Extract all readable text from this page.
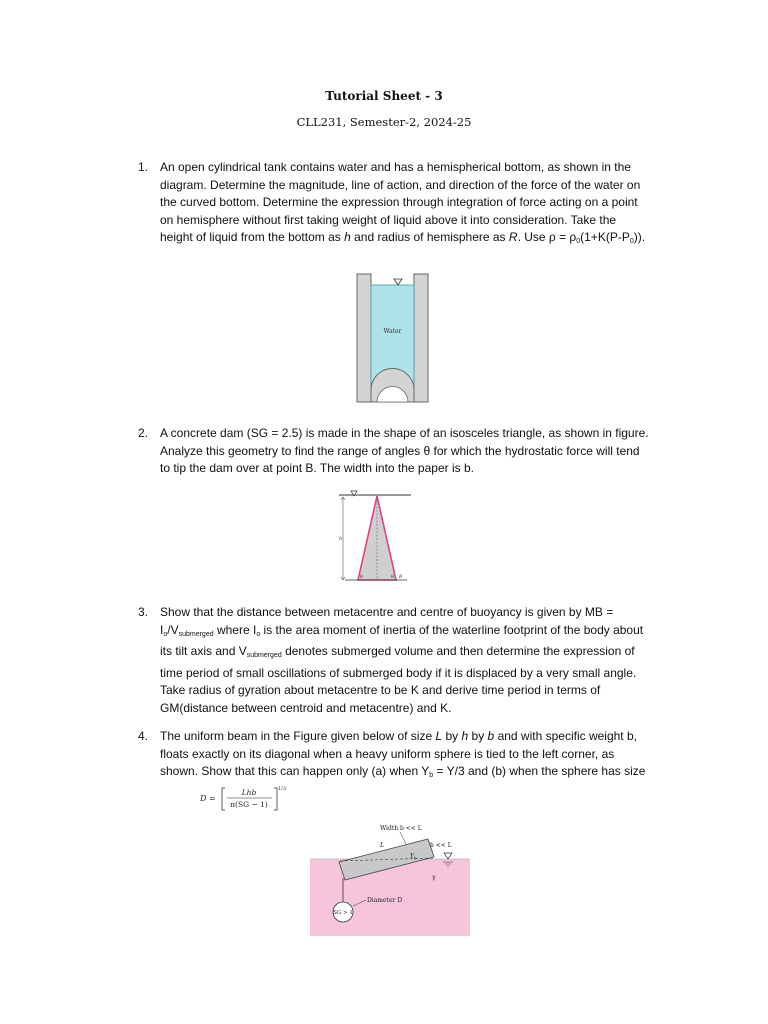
Tutorial Sheet - 3
CLL231, Semester-2, 2024-25
1. An open cylindrical tank contains water and has a hemispherical bottom, as shown in the diagram. Determine the magnitude, line of action, and direction of the force of the water on the curved bottom. Determine the expression through integration of force acting on a point on hemisphere without first taking weight of liquid above it into consideration. Take the height of liquid from the bottom as h and radius of hemisphere as R. Use $\rho = \rho_0(1+K(P-P_0))$.
Water
2. A concrete dam (SG = 2.5) is made in the shape of an isosceles triangle, as shown in figure. Analyze this geometry to find the range of angles θ for which the hydrostatic force will tend to tip the dam over at point B. The width into the paper is b.
h
θ	θ B
3. Show that the distance between metacentre and centre of buoyancy is given by MB = $I_o/V_{submerged}$ where $I_o$ is the area moment of inertia of the waterline footprint of the body about its tilt axis and $V_{submerged}$ denotes submerged volume and then determine the expression of time period of small oscillations of submerged body if it is displaced by a very small angle. Take radius of gyration about metacentre to be K and derive time period in terms of GM(distance between centroid and metacentre) and K.
4. The uniform beam in the Figure given below of size L by h by b and with specific weight b, floats exactly on its diagonal when a heavy uniform sphere is tied to the left corner, as shown. Show that this can happen only (a) when $Y_b = Y/3$ and (b) when the sphere has size
D =
Lhb
π(SG − 1)
1/3
SG > 1
Diameter D
Width b << L
L	h << L
$Y_b$
γ
